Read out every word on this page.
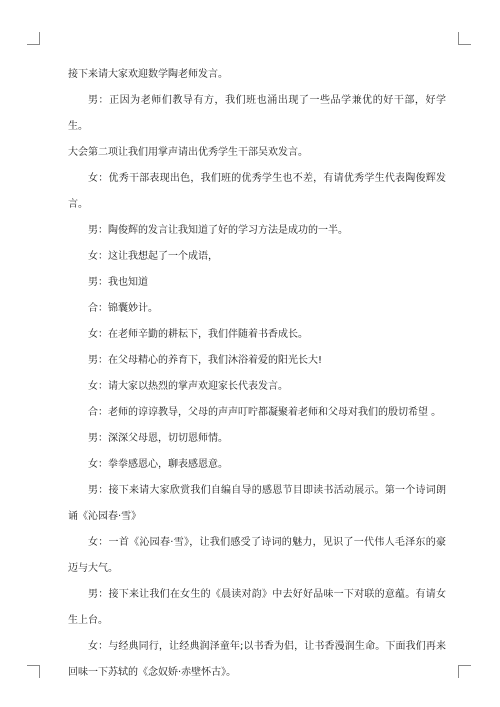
接下来请大家欢迎数学陶老师发言。

男：正因为老师们教导有方，我们班也涌出现了一些品学兼优的好干部，好学生。

大会第二项让我们用掌声请出优秀学生干部吴欢发言。

女：优秀干部表现出色，我们班的优秀学生也不差，有请优秀学生代表陶俊辉发言。

男：陶俊辉的发言让我知道了好的学习方法是成功的一半。

女：这让我想起了一个成语，

男：我也知道

合：锦囊妙计。

女：在老师辛勤的耕耘下，我们伴随着书香成长。

男：在父母精心的养育下，我们沐浴着爱的阳光长大!

女：请大家以热烈的掌声欢迎家长代表发言。

合：老师的谆谆教导，父母的声声叮咛都凝聚着老师和父母对我们的殷切希望 。

男：深深父母恩，切切恩师情。

女：拳拳感恩心，聊表感恩意。

男：接下来请大家欣赏我们自编自导的感恩节目即读书活动展示。第一个诗词朗诵《沁园春·雪》

女：一首《沁园春·雪》，让我们感受了诗词的魅力，见识了一代伟人毛泽东的豪迈与大气。

男：接下来让我们在女生的《晨读对韵》中去好好品味一下对联的意蕴。有请女生上台。

女：与经典同行，让经典润泽童年;以书香为侣，让书香漫润生命。下面我们再来回味一下苏轼的《念奴娇·赤壁怀古》。
